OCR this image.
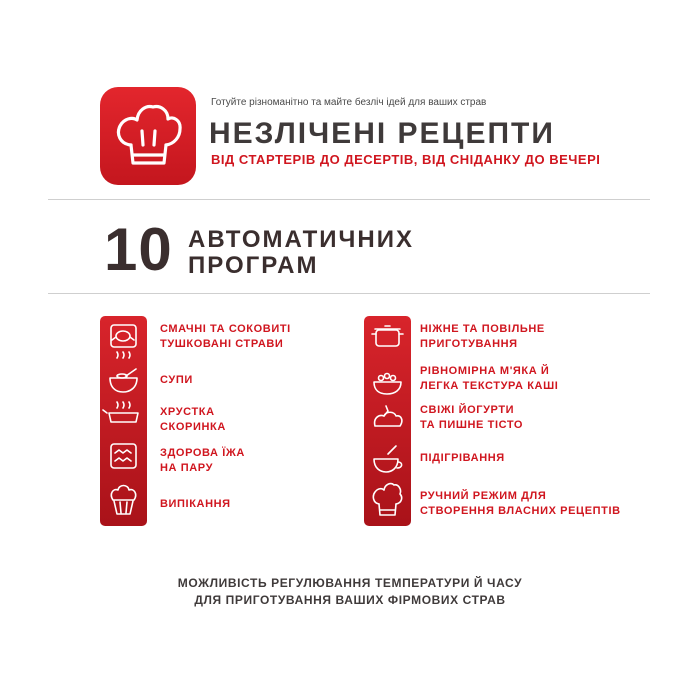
Готуйте різноманітно та майте безліч ідей для ваших страв
НЕЗЛІЧЕНІ РЕЦЕПТИ
ВІД СТАРТЕРІВ ДО ДЕСЕРТІВ, ВІД СНІДАНКУ ДО ВЕЧЕРІ
10 АВТОМАТИЧНИХ
ПРОГРАМ
СМАЧНІ ТА СОКОВИТІ
ТУШКОВАНІ СТРАВИ
СУПИ
ХРУСТКА
СКОРИНКА
ЗДОРОВА ЇЖА
НА ПАРУ
ВИПІКАННЯ
НІЖНЕ ТА ПОВІЛЬНЕ
ПРИГОТУВАННЯ
РІВНОМІРНА М'ЯКА Й
ЛЕГКА ТЕКСТУРА КАШІ
СВІЖІ ЙОГУРТИ
ТА ПИШНЕ ТІСТО
ПІДІГРІВАННЯ
РУЧНИЙ РЕЖИМ ДЛЯ
СТВОРЕННЯ ВЛАСНИХ РЕЦЕПТІВ
МОЖЛИВІСТЬ РЕГУЛЮВАННЯ ТЕМПЕРАТУРИ Й ЧАСУ
ДЛЯ ПРИГОТУВАННЯ ВАШИХ ФІРМОВИХ СТРАВ
